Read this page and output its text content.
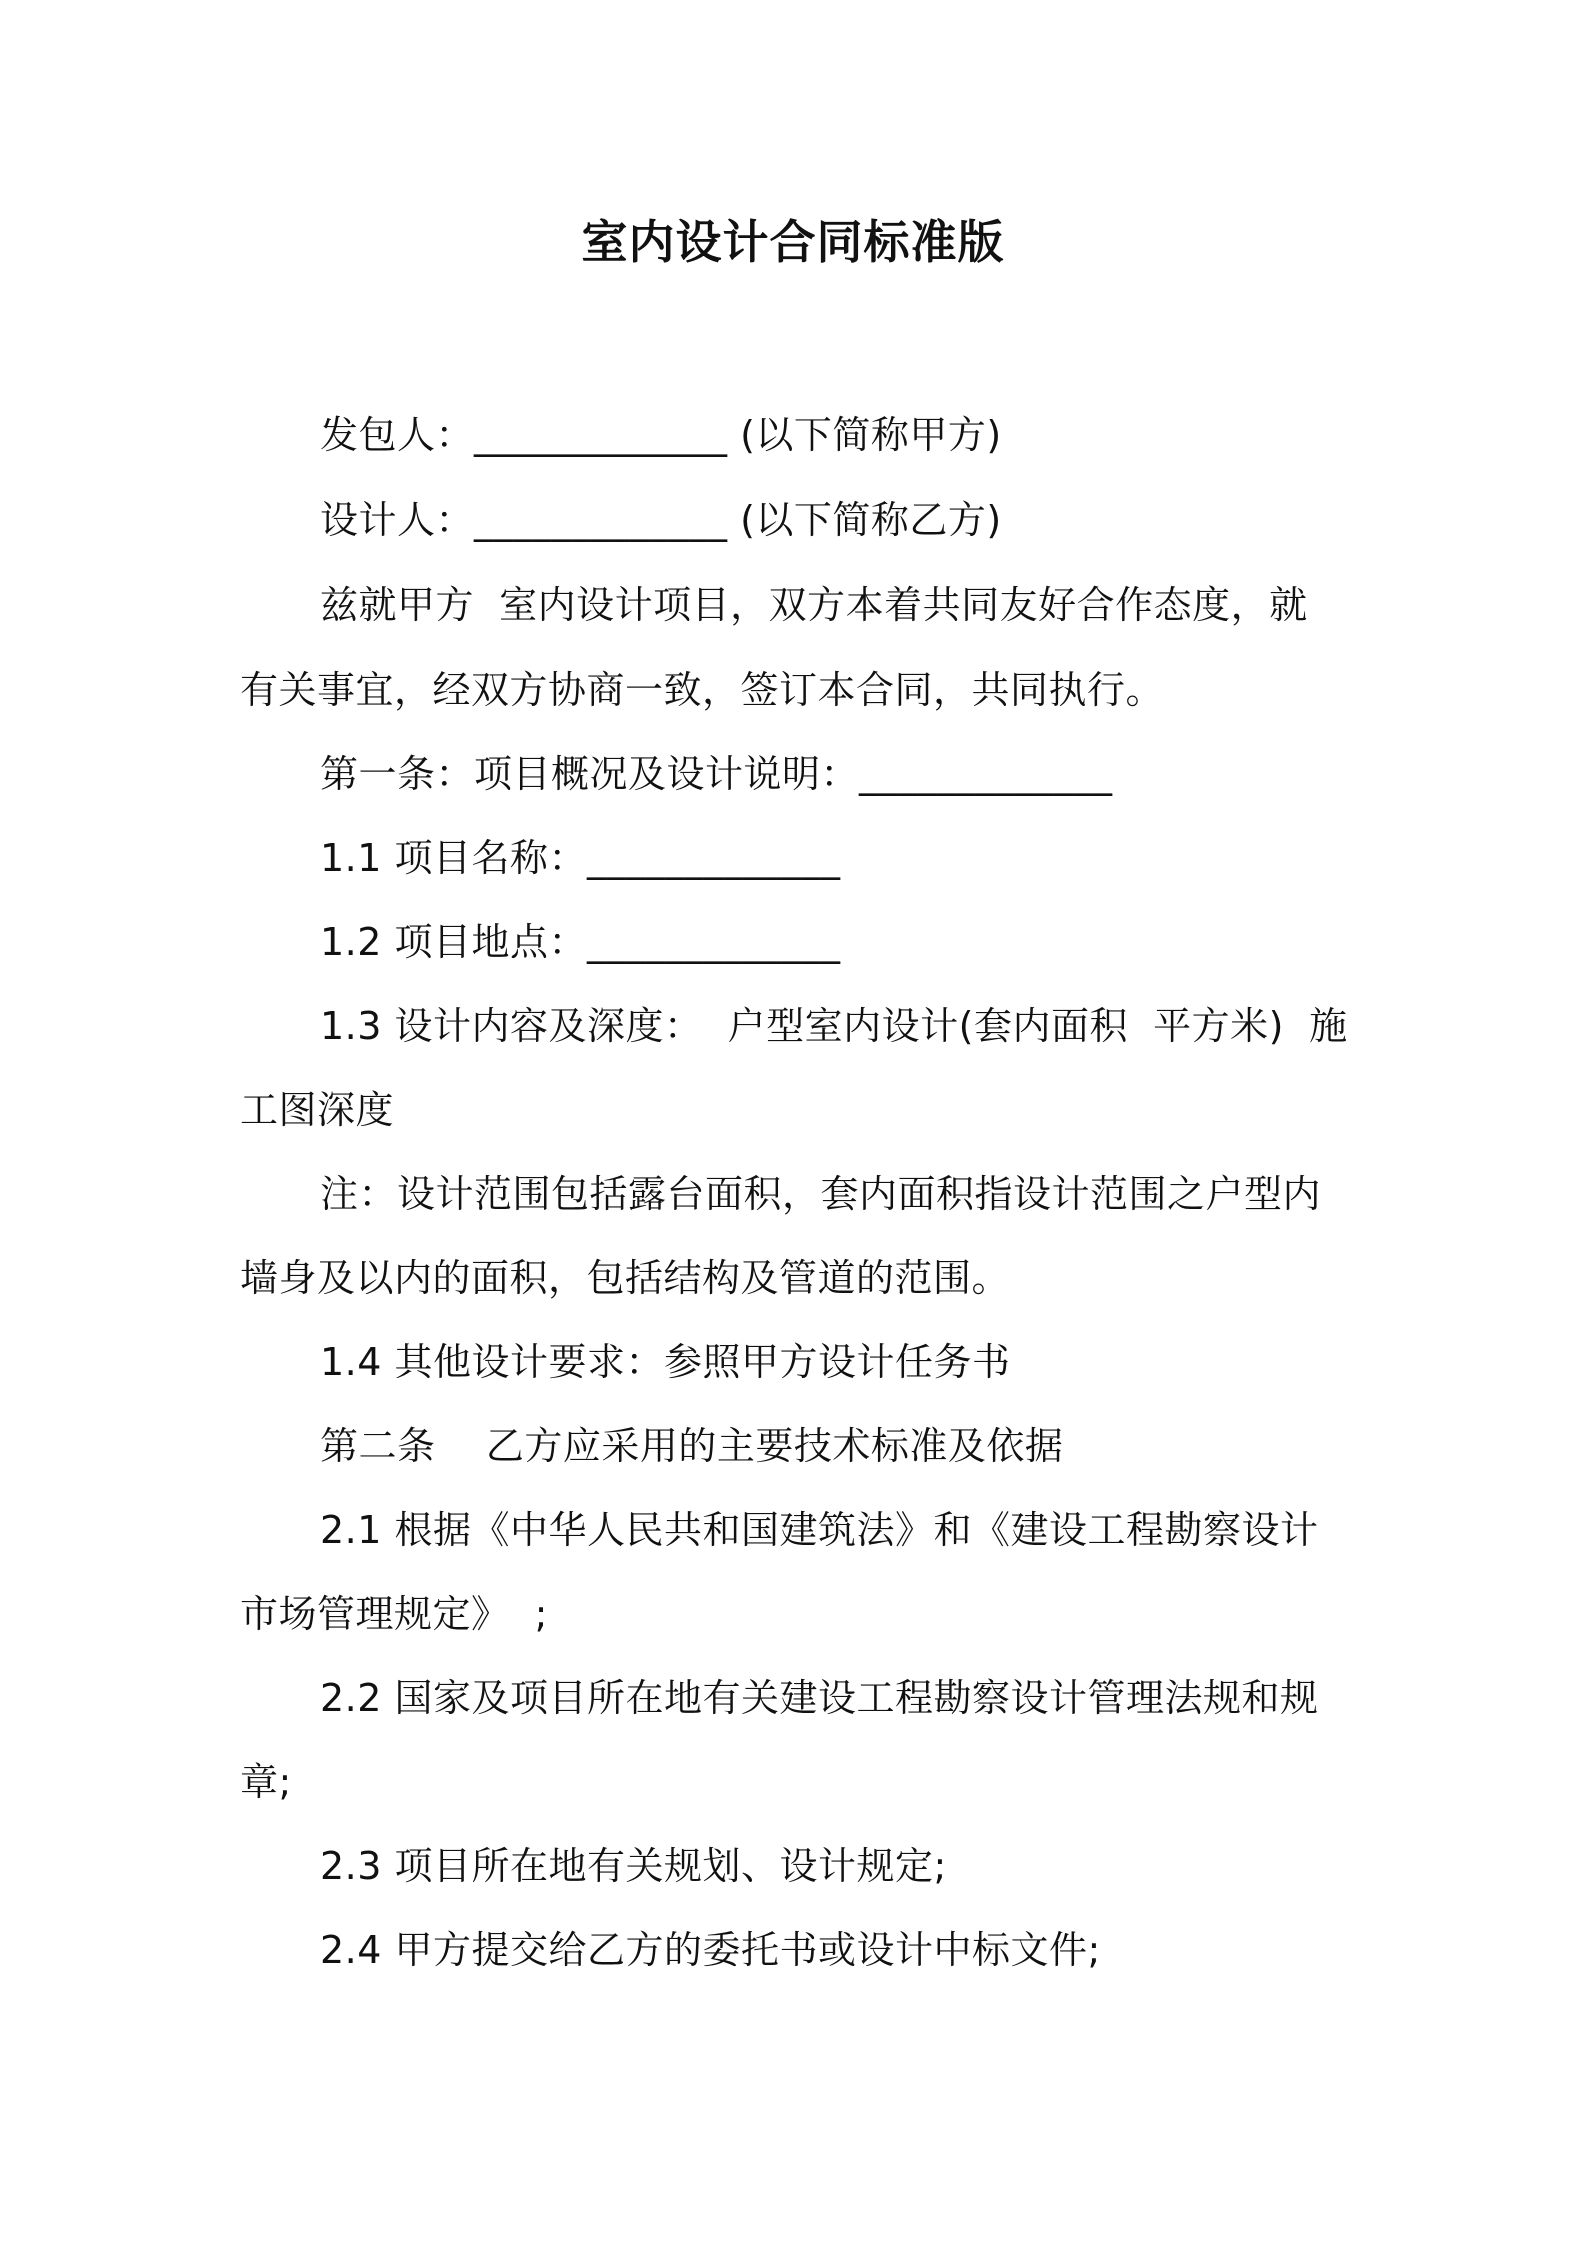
室内设计合同标准版
发包人：_____________ (以下简称甲方)
设计人：_____________ (以下简称乙方)
兹就甲方  室内设计项目，双方本着共同友好合作态度，就
有关事宜，经双方协商一致，签订本合同，共同执行。
第一条：项目概况及设计说明：_____________
1.1 项目名称：_____________
1.2 项目地点：_____________
1.3 设计内容及深度：  户型室内设计(套内面积  平方米)  施
工图深度
注：设计范围包括露台面积，套内面积指设计范围之户型内
墙身及以内的面积，包括结构及管道的范围。
1.4 其他设计要求：参照甲方设计任务书
第二条    乙方应采用的主要技术标准及依据
2.1 根据《中华人民共和国建筑法》和《建设工程勘察设计
市场管理规定》  ;
2.2 国家及项目所在地有关建设工程勘察设计管理法规和规
章;
2.3 项目所在地有关规划、设计规定;
2.4 甲方提交给乙方的委托书或设计中标文件;
